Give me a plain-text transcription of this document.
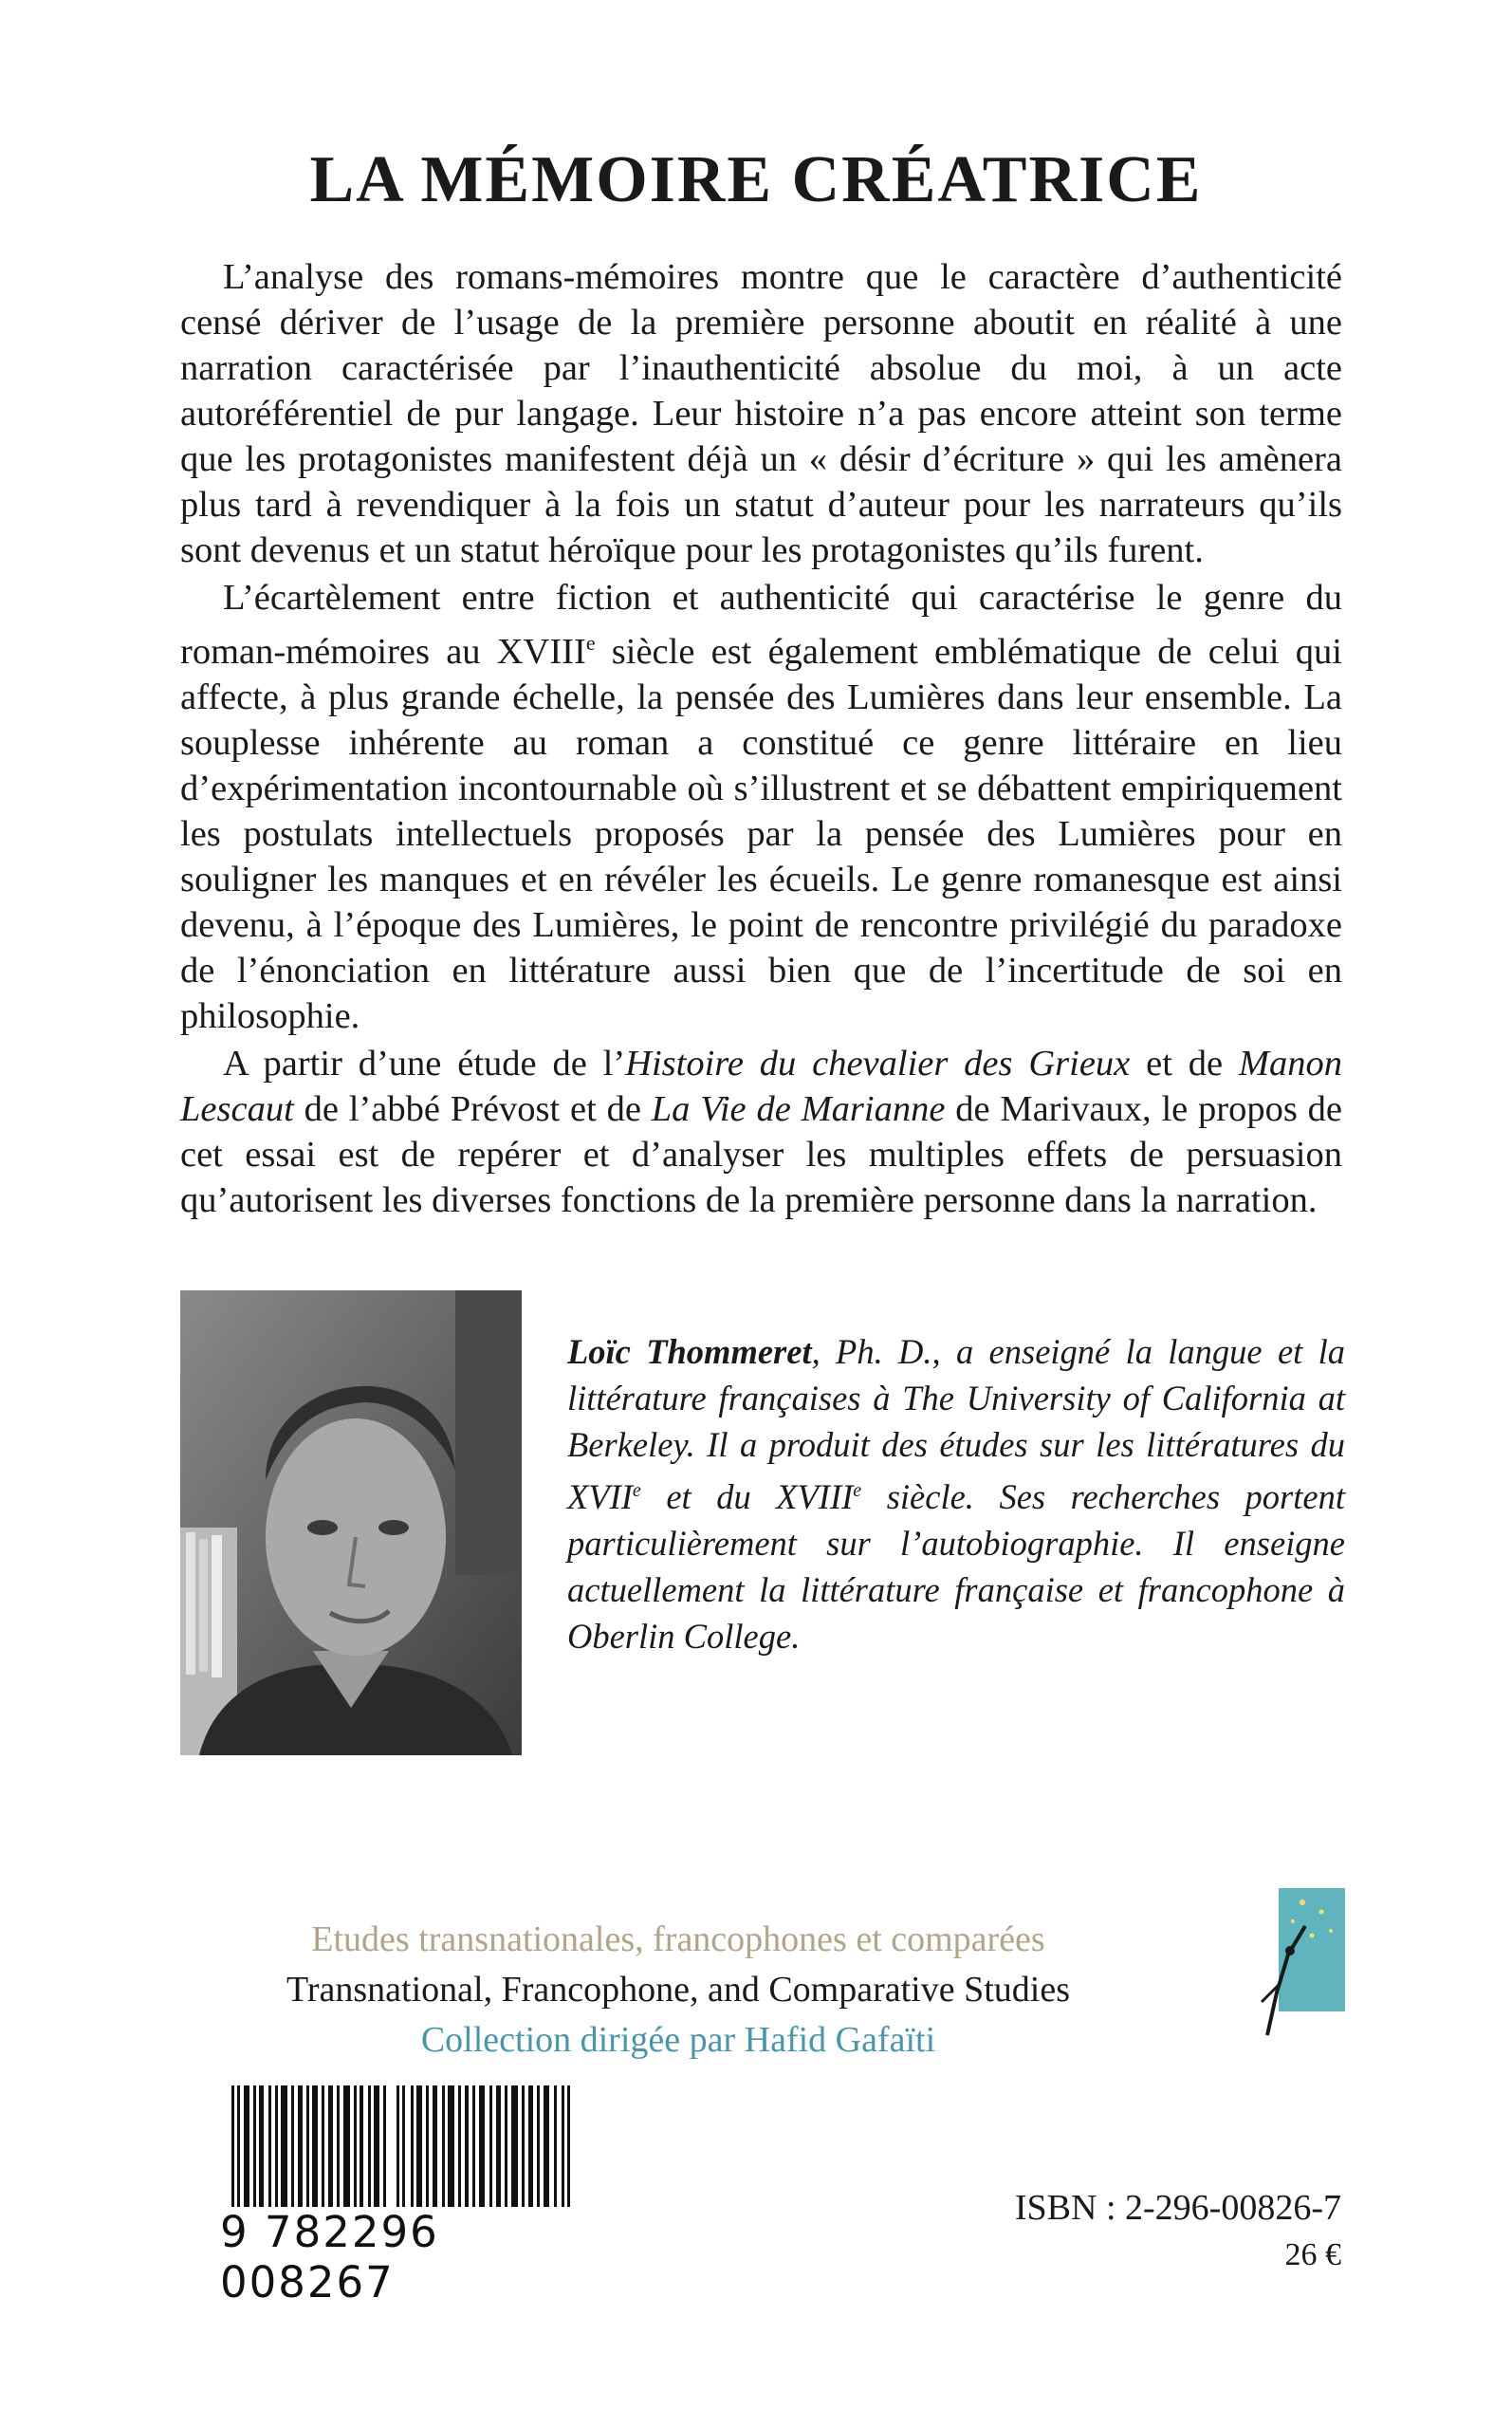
LA MÉMOIRE CRÉATRICE

L’analyse des romans-mémoires montre que le caractère d’authenticité censé dériver de l’usage de la première personne aboutit en réalité à une narration caractérisée par l’inauthenticité absolue du moi, à un acte autoréférentiel de pur langage. Leur histoire n’a pas encore atteint son terme que les protagonistes manifestent déjà un « désir d’écriture » qui les amènera plus tard à revendiquer à la fois un statut d’auteur pour les narrateurs qu’ils sont devenus et un statut héroïque pour les protagonistes qu’ils furent.

L’écartèlement entre fiction et authenticité qui caractérise le genre du roman-mémoires au XVIIIe siècle est également emblématique de celui qui affecte, à plus grande échelle, la pensée des Lumières dans leur ensemble. La souplesse inhérente au roman a constitué ce genre littéraire en lieu d’expérimentation incontournable où s’illustrent et se débattent empiriquement les postulats intellectuels proposés par la pensée des Lumières pour en souligner les manques et en révéler les écueils. Le genre romanesque est ainsi devenu, à l’époque des Lumières, le point de rencontre privilégié du paradoxe de l’énonciation en littérature aussi bien que de l’incertitude de soi en philosophie.

A partir d’une étude de l’Histoire du chevalier des Grieux et de Manon Lescaut de l’abbé Prévost et de La Vie de Marianne de Marivaux, le propos de cet essai est de repérer et d’analyser les multiples effets de persuasion qu’autorisent les diverses fonctions de la première personne dans la narration.

Loïc Thommeret, Ph. D., a enseigné la langue et la littérature françaises à The University of California at Berkeley. Il a produit des études sur les littératures du XVIIe et du XVIIIe siècle. Ses recherches portent particulièrement sur l’autobiographie. Il enseigne actuellement la littérature française et francophone à Oberlin College.

Etudes transnationales, francophones et comparées
Transnational, Francophone, and Comparative Studies
Collection dirigée par Hafid Gafaïti
9 782296 008267
ISBN : 2-296-00826-7
26 €
